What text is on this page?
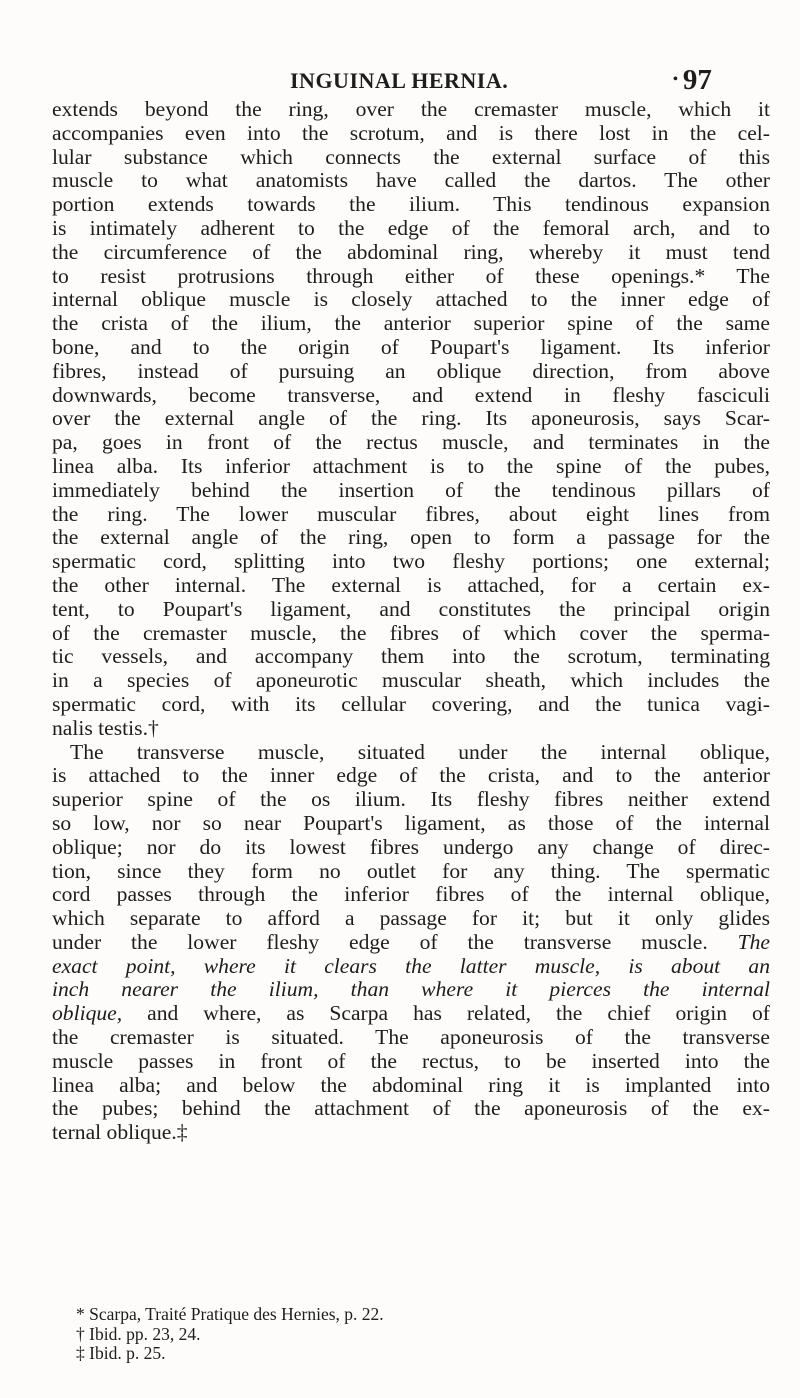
INGUINAL HERNIA.
•	97
extends beyond the ring, over the cremaster muscle, which it
accompanies even into the scrotum, and is there lost in the cel-
lular substance which connects the external surface of this
muscle to what anatomists have called the dartos. The other
portion extends towards the ilium. This tendinous expansion
is intimately adherent to the edge of the femoral arch, and to
the circumference of the abdominal ring, whereby it must tend
to resist protrusions through either of these openings.* The
internal oblique muscle is closely attached to the inner edge of
the crista of the ilium, the anterior superior spine of the same
bone, and to the origin of Poupart's ligament. Its inferior
fibres, instead of pursuing an oblique direction, from above
downwards, become transverse, and extend in fleshy fasciculi
over the external angle of the ring. Its aponeurosis, says Scar-
pa, goes in front of the rectus muscle, and terminates in the
linea alba. Its inferior attachment is to the spine of the pubes,
immediately behind the insertion of the tendinous pillars of
the ring. The lower muscular fibres, about eight lines from
the external angle of the ring, open to form a passage for the
spermatic cord, splitting into two fleshy portions; one external;
the other internal. The external is attached, for a certain ex-
tent, to Poupart's ligament, and constitutes the principal origin
of the cremaster muscle, the fibres of which cover the sperma-
tic vessels, and accompany them into the scrotum, terminating
in a species of aponeurotic muscular sheath, which includes the
spermatic cord, with its cellular covering, and the tunica vagi-
nalis testis.†
The transverse muscle, situated under the internal oblique,
is attached to the inner edge of the crista, and to the anterior
superior spine of the os ilium. Its fleshy fibres neither extend
so low, nor so near Poupart's ligament, as those of the internal
oblique; nor do its lowest fibres undergo any change of direc-
tion, since they form no outlet for any thing. The spermatic
cord passes through the inferior fibres of the internal oblique,
which separate to afford a passage for it; but it only glides
under the lower fleshy edge of the transverse muscle. The
exact point, where it clears the latter muscle, is about an
inch nearer the ilium, than where it pierces the internal
oblique, and where, as Scarpa has related, the chief origin of
the cremaster is situated. The aponeurosis of the transverse
muscle passes in front of the rectus, to be inserted into the
linea alba; and below the abdominal ring it is implanted into
the pubes; behind the attachment of the aponeurosis of the ex-
ternal oblique.‡
* Scarpa, Traité Pratique des Hernies, p. 22.
† Ibid. pp. 23, 24.
‡ Ibid. p. 25.
